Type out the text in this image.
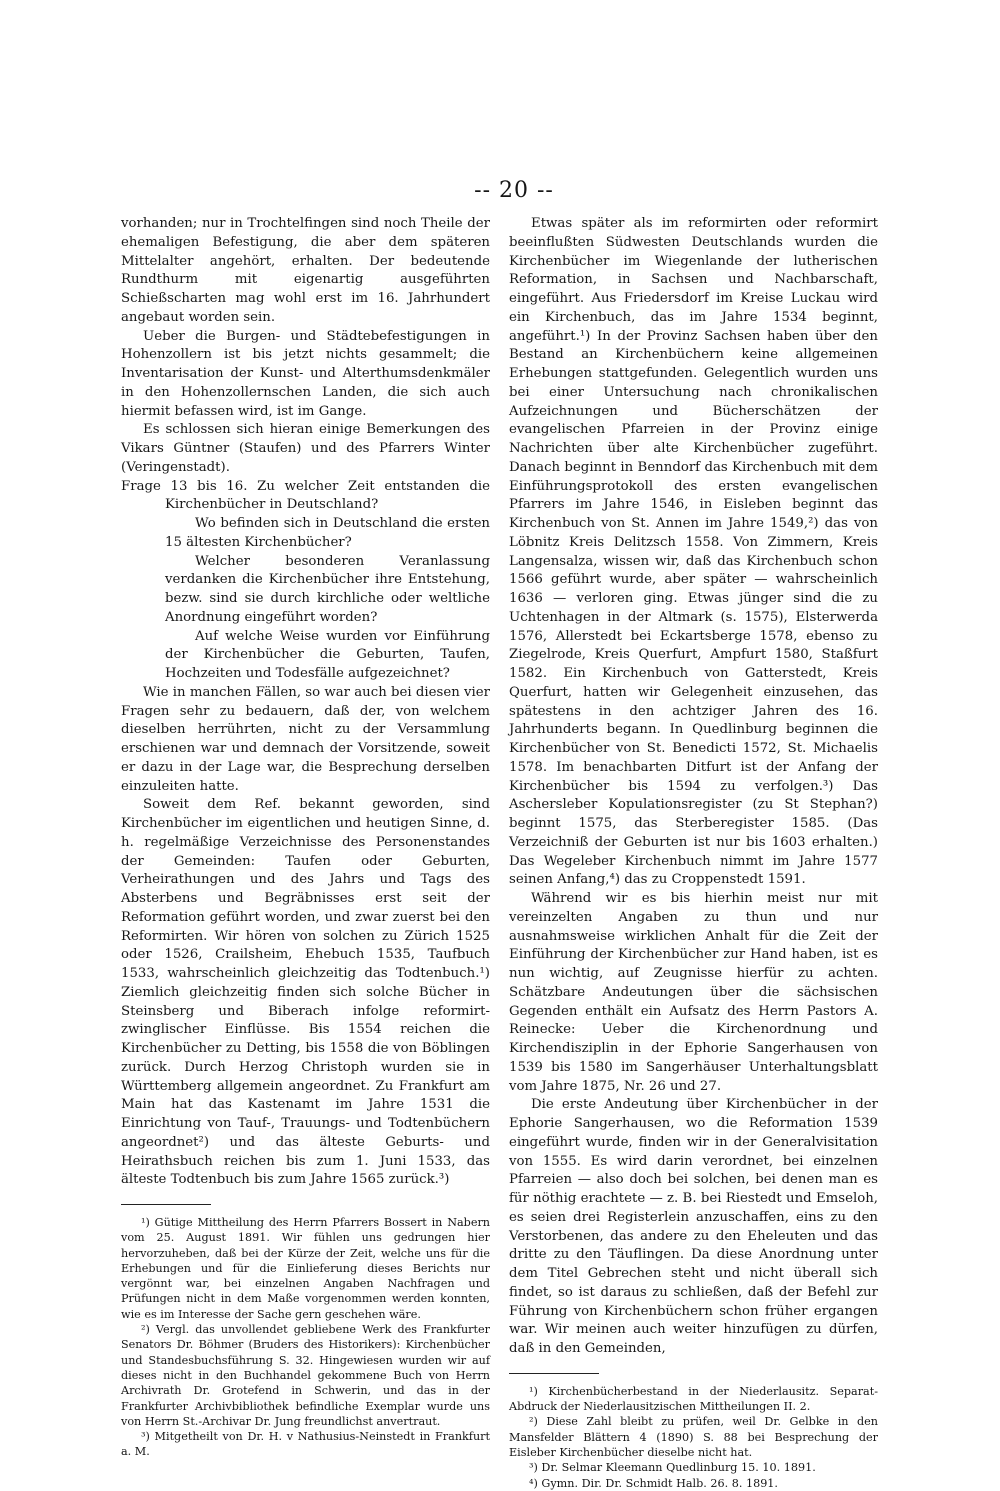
-- 20 --

vorhanden; nur in Trochtelfingen sind noch Theile der ehemaligen Befestigung, die aber dem späteren Mittelalter angehört, erhalten. Der bedeutende Rundthurm mit eigenartig ausgeführten Schießscharten mag wohl erst im 16. Jahrhundert angebaut worden sein.

Ueber die Burgen- und Städtebefestigungen in Hohenzollern ist bis jetzt nichts gesammelt; die Inventarisation der Kunst- und Alterthumsdenkmäler in den Hohenzollernschen Landen, die sich auch hiermit befassen wird, ist im Gange.

Es schlossen sich hieran einige Bemerkungen des Vikars Güntner (Staufen) und des Pfarrers Winter (Veringenstadt).

Frage 13 bis 16. Zu welcher Zeit entstanden die Kirchenbücher in Deutschland?

Wo befinden sich in Deutschland die ersten 15 ältesten Kirchenbücher?

Welcher besonderen Veranlassung verdanken die Kirchenbücher ihre Entstehung, bezw. sind sie durch kirchliche oder weltliche Anordnung eingeführt worden?

Auf welche Weise wurden vor Einführung der Kirchenbücher die Geburten, Taufen, Hochzeiten und Todesfälle aufgezeichnet?

Wie in manchen Fällen, so war auch bei diesen vier Fragen sehr zu bedauern, daß der, von welchem dieselben herrührten, nicht zu der Versammlung erschienen war und demnach der Vorsitzende, soweit er dazu in der Lage war, die Besprechung derselben einzuleiten hatte.

Soweit dem Ref. bekannt geworden, sind Kirchenbücher im eigentlichen und heutigen Sinne, d. h. regelmäßige Verzeichnisse des Personenstandes der Gemeinden: Taufen oder Geburten, Verheirathungen und des Jahrs und Tags des Absterbens und Begräbnisses erst seit der Reformation geführt worden, und zwar zuerst bei den Reformirten. Wir hören von solchen zu Zürich 1525 oder 1526, Crailsheim, Ehebuch 1535, Taufbuch 1533, wahrscheinlich gleichzeitig das Todtenbuch.¹) Ziemlich gleichzeitig finden sich solche Bücher in Steinsberg und Biberach infolge reformirt-zwinglischer Einflüsse. Bis 1554 reichen die Kirchenbücher zu Detting, bis 1558 die von Böblingen zurück. Durch Herzog Christoph wurden sie in Württemberg allgemein angeordnet. Zu Frankfurt am Main hat das Kastenamt im Jahre 1531 die Einrichtung von Tauf-, Trauungs- und Todtenbüchern angeordnet²) und das älteste Geburts- und Heirathsbuch reichen bis zum 1. Juni 1533, das älteste Todtenbuch bis zum Jahre 1565 zurück.³)

¹) Gütige Mittheilung des Herrn Pfarrers Bossert in Nabern vom 25. August 1891. Wir fühlen uns gedrungen hier hervorzuheben, daß bei der Kürze der Zeit, welche uns für die Erhebungen und für die Einlieferung dieses Berichts nur vergönnt war, bei einzelnen Angaben Nachfragen und Prüfungen nicht in dem Maße vorgenommen werden konnten, wie es im Interesse der Sache gern geschehen wäre.

²) Vergl. das unvollendet gebliebene Werk des Frankfurter Senators Dr. Böhmer (Bruders des Historikers): Kirchenbücher und Standesbuchsführung S. 32. Hingewiesen wurden wir auf dieses nicht in den Buchhandel gekommene Buch von Herrn Archivrath Dr. Grotefend in Schwerin, und das in der Frankfurter Archivbibliothek befindliche Exemplar wurde uns von Herrn St.-Archivar Dr. Jung freundlichst anvertraut.

³) Mitgetheilt von Dr. H. v Nathusius-Neinstedt in Frankfurt a. M.

Etwas später als im reformirten oder reformirt beeinflußten Südwesten Deutschlands wurden die Kirchenbücher im Wiegenlande der lutherischen Reformation, in Sachsen und Nachbarschaft, eingeführt. Aus Friedersdorf im Kreise Luckau wird ein Kirchenbuch, das im Jahre 1534 beginnt, angeführt.¹) In der Provinz Sachsen haben über den Bestand an Kirchenbüchern keine allgemeinen Erhebungen stattgefunden. Gelegentlich wurden uns bei einer Untersuchung nach chronikalischen Aufzeichnungen und Bücherschätzen der evangelischen Pfarreien in der Provinz einige Nachrichten über alte Kirchenbücher zugeführt. Danach beginnt in Benndorf das Kirchenbuch mit dem Einführungsprotokoll des ersten evangelischen Pfarrers im Jahre 1546, in Eisleben beginnt das Kirchenbuch von St. Annen im Jahre 1549,²) das von Löbnitz Kreis Delitzsch 1558. Von Zimmern, Kreis Langensalza, wissen wir, daß das Kirchenbuch schon 1566 geführt wurde, aber später — wahrscheinlich 1636 — verloren ging. Etwas jünger sind die zu Uchtenhagen in der Altmark (s. 1575), Elsterwerda 1576, Allerstedt bei Eckartsberge 1578, ebenso zu Ziegelrode, Kreis Querfurt, Ampfurt 1580, Staßfurt 1582. Ein Kirchenbuch von Gatterstedt, Kreis Querfurt, hatten wir Gelegenheit einzusehen, das spätestens in den achtziger Jahren des 16. Jahrhunderts begann. In Quedlinburg beginnen die Kirchenbücher von St. Benedicti 1572, St. Michaelis 1578. Im benachbarten Ditfurt ist der Anfang der Kirchenbücher bis 1594 zu verfolgen.³) Das Aschersleber Kopulationsregister (zu St Stephan?) beginnt 1575, das Sterberegister 1585. (Das Verzeichniß der Geburten ist nur bis 1603 erhalten.) Das Wegeleber Kirchenbuch nimmt im Jahre 1577 seinen Anfang,⁴) das zu Croppenstedt 1591.

Während wir es bis hierhin meist nur mit vereinzelten Angaben zu thun und nur ausnahmsweise wirklichen Anhalt für die Zeit der Einführung der Kirchenbücher zur Hand haben, ist es nun wichtig, auf Zeugnisse hierfür zu achten. Schätzbare Andeutungen über die sächsischen Gegenden enthält ein Aufsatz des Herrn Pastors A. Reinecke: Ueber die Kirchenordnung und Kirchendisziplin in der Ephorie Sangerhausen von 1539 bis 1580 im Sangerhäuser Unterhaltungsblatt vom Jahre 1875, Nr. 26 und 27.

Die erste Andeutung über Kirchenbücher in der Ephorie Sangerhausen, wo die Reformation 1539 eingeführt wurde, finden wir in der Generalvisitation von 1555. Es wird darin verordnet, bei einzelnen Pfarreien — also doch bei solchen, bei denen man es für nöthig erachtete — z. B. bei Riestedt und Emseloh, es seien drei Registerlein anzuschaffen, eins zu den Verstorbenen, das andere zu den Eheleuten und das dritte zu den Täuflingen. Da diese Anordnung unter dem Titel Gebrechen steht und nicht überall sich findet, so ist daraus zu schließen, daß der Befehl zur Führung von Kirchenbüchern schon früher ergangen war. Wir meinen auch weiter hinzufügen zu dürfen, daß in den Gemeinden,

¹) Kirchenbücherbestand in der Niederlausitz. Separat-Abdruck der Niederlausitzischen Mittheilungen II. 2.

²) Diese Zahl bleibt zu prüfen, weil Dr. Gelbke in den Mansfelder Blättern 4 (1890) S. 88 bei Besprechung der Eisleber Kirchenbücher dieselbe nicht hat.

³) Dr. Selmar Kleemann Quedlinburg 15. 10. 1891.

⁴) Gymn. Dir. Dr. Schmidt Halb. 26. 8. 1891.
